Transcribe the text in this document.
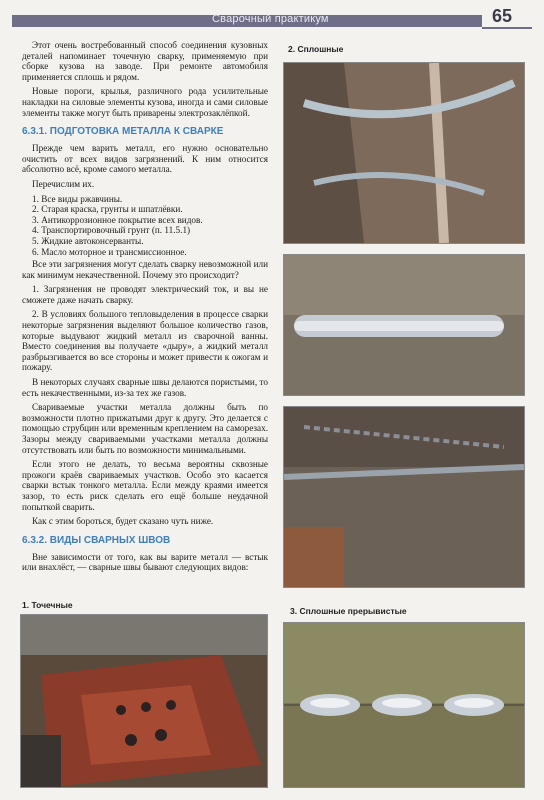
Сварочный практикум	65

Этот очень востребованный способ соединения кузовных деталей напоминает точечную сварку, применяемую при сборке кузова на заводе. При ремонте автомобиля применяется сплошь и рядом.

Новые пороги, крылья, различного рода усилительные накладки на силовые элементы кузова, иногда и сами силовые элементы также могут быть приварены электрозаклёпкой.

6.3.1. ПОДГОТОВКА МЕТАЛЛА К СВАРКЕ

Прежде чем варить металл, его нужно основательно очистить от всех видов загрязнений. К ним относится абсолютно всё, кроме самого металла.

Перечислим их.

1. Все виды ржавчины.
2. Старая краска, грунты и шпатлёвки.
3. Антикоррозионное покрытие всех видов.
4. Транспортировочный грунт (п. 11.5.1)
5. Жидкие автоконсерванты.
6. Масло моторное и трансмиссионное.

Все эти загрязнения могут сделать сварку невозможной или как минимум некачественной. Почему это происходит?

1. Загрязнения не проводят электрический ток, и вы не сможете даже начать сварку.

2. В условиях большого тепловыделения в процессе сварки некоторые загрязнения выделяют большое количество газов, которые выдувают жидкий металл из сварочной ванны. Вместо соединения вы получаете «дыру», а жидкий металл разбрызгивается во все стороны и может привести к ожогам и пожару.

В некоторых случаях сварные швы делаются пористыми, то есть некачественными, из-за тех же газов.

Свариваемые участки металла должны быть по возможности плотно прижатыми друг к другу. Это делается с помощью струбцин или временным креплением на саморезах. Зазоры между свариваемыми участками металла должны отсутствовать или быть по возможности минимальными.

Если этого не делать, то весьма вероятны сквозные прожоги краёв свариваемых участков. Особо это касается сварки встык тонкого металла. Если между краями имеется зазор, то есть риск сделать его ещё больше неудачной попыткой сварить.

Как с этим бороться, будет сказано чуть ниже.

6.3.2. ВИДЫ СВАРНЫХ ШВОВ

Вне зависимости от того, как вы варите металл — встык или внахлёст, — сварные швы бывают следующих видов:

1. Точечные
2. Сплошные
3. Сплошные прерывистые
